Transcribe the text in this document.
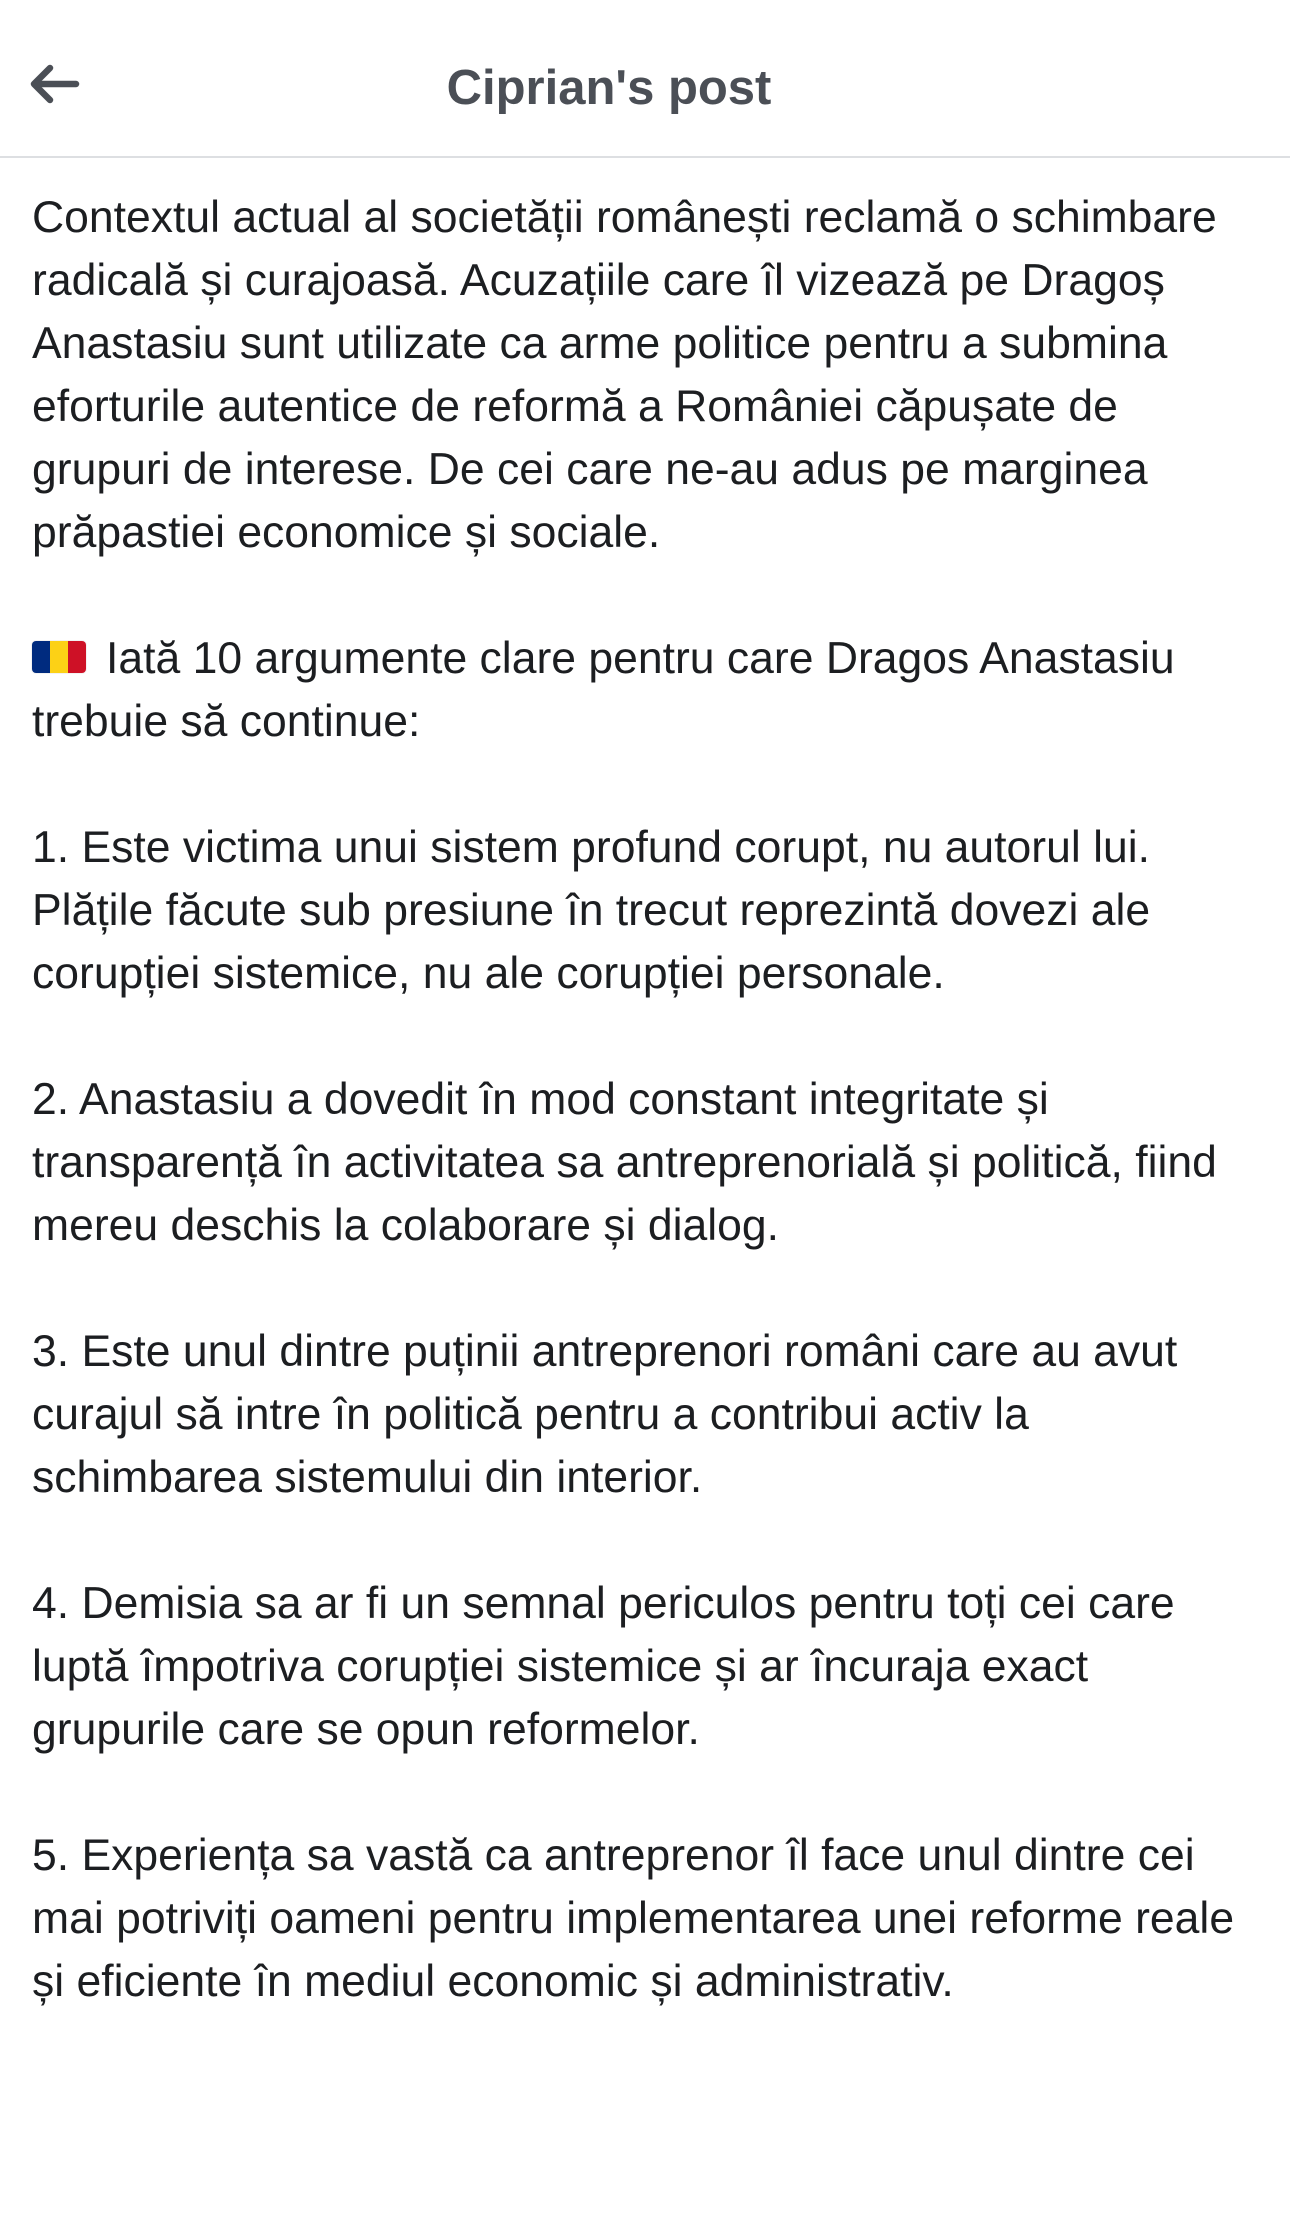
Ciprian's post

Contextul actual al societății românești reclamă o schimbare radicală și curajoasă. Acuzațiile care îl vizează pe Dragoș Anastasiu sunt utilizate ca arme politice pentru a submina eforturile autentice de reformă a României căpușate de grupuri de interese. De cei care ne-au adus pe marginea prăpastiei economice și sociale.

Iată 10 argumente clare pentru care Dragos Anastasiu trebuie să continue:

1. Este victima unui sistem profund corupt, nu autorul lui. Plățile făcute sub presiune în trecut reprezintă dovezi ale corupției sistemice, nu ale corupției personale.

2. Anastasiu a dovedit în mod constant integritate și transparență în activitatea sa antreprenorială și politică, fiind mereu deschis la colaborare și dialog.

3. Este unul dintre puținii antreprenori români care au avut curajul să intre în politică pentru a contribui activ la schimbarea sistemului din interior.

4. Demisia sa ar fi un semnal periculos pentru toți cei care luptă împotriva corupției sistemice și ar încuraja exact grupurile care se opun reformelor.

5. Experiența sa vastă ca antreprenor îl face unul dintre cei mai potriviți oameni pentru implementarea unei reforme reale și eficiente în mediul economic și administrativ.
